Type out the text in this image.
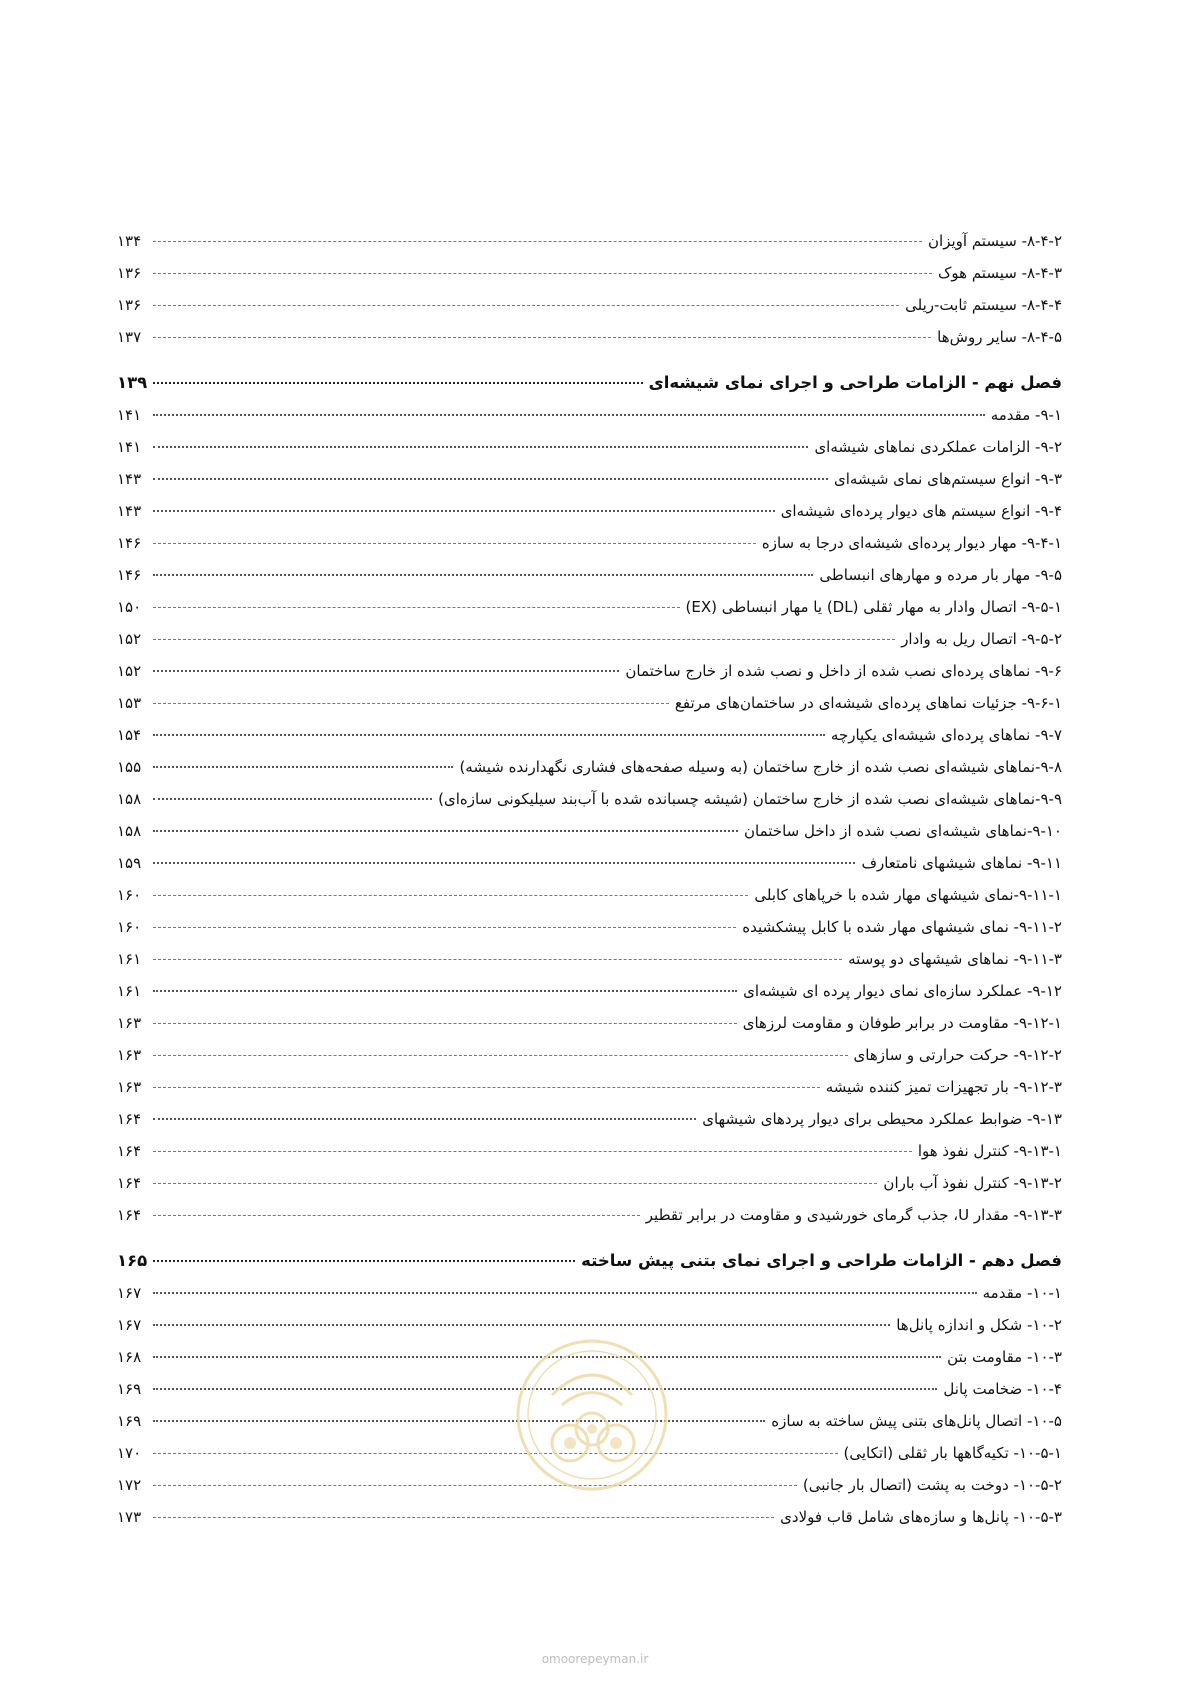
۸-۴-۲- سیستم آویزان
۱۳۴
۸-۴-۳- سیستم هوک
۱۳۶
۸-۴-۴- سیستم ثابت-ریلی
۱۳۶
۸-۴-۵- سایر روش‌ها
۱۳۷
فصل نهم - الزامات طراحی و اجرای نمای شیشه‌ای
۱۳۹
۹-۱- مقدمه
۱۴۱
۹-۲- الزامات عملکردی نماهای شیشه‌ای
۱۴۱
۹-۳- انواع سیستم‌های نمای شیشه‌ای
۱۴۳
۹-۴- انواع سیستم های دیوار پرده‌ای شیشه‌ای
۱۴۳
۹-۴-۱- مهار دیوار پرده‌ای شیشه‌ای درجا به سازه
۱۴۶
۹-۵- مهار بار مرده و مهارهای انبساطی
۱۴۶
۹-۵-۱- اتصال وادار به مهار ثقلی (DL) یا مهار انبساطی (EX)
۱۵۰
۹-۵-۲- اتصال ریل به وادار
۱۵۲
۹-۶- نماهای پرده‌ای نصب شده از داخل و نصب شده از خارج ساختمان
۱۵۲
۹-۶-۱- جزئیات نماهای پرده‌ای شیشه‌ای در ساختمان‌های مرتفع
۱۵۳
۹-۷- نماهای پرده‌ای شیشه‌ای یکپارچه
۱۵۴
۹-۸-نماهای شیشه‌ای نصب شده از خارج ساختمان (به وسیله صفحه‌های فشاری نگهدارنده شیشه)
۱۵۵
۹-۹-نماهای شیشه‌ای نصب شده از خارج ساختمان (شیشه چسبانده شده با آب‌بند سیلیکونی سازه‌ای)
۱۵۸
۹-۱۰-نماهای شیشه‌ای نصب شده از داخل ساختمان
۱۵۸
۹-۱۱- نماهای شیشهای نامتعارف
۱۵۹
۹-۱۱-۱-نمای شیشهای مهار شده با خرپاهای کابلی
۱۶۰
۹-۱۱-۲- نمای شیشهای مهار شده با کابل پیشکشیده
۱۶۰
۹-۱۱-۳- نماهای شیشهای دو پوسته
۱۶۱
۹-۱۲- عملکرد سازه‌ای نمای دیوار پرده ای شیشه‌ای
۱۶۱
۹-۱۲-۱- مقاومت در برابر طوفان و مقاومت لرزهای
۱۶۳
۹-۱۲-۲- حرکت حرارتی و سازهای
۱۶۳
۹-۱۲-۳- بار تجهیزات تمیز کننده شیشه
۱۶۳
۹-۱۳- ضوابط عملکرد محیطی برای دیوار پردهای شیشهای
۱۶۴
۹-۱۳-۱- کنترل نفوذ هوا
۱۶۴
۹-۱۳-۲- کنترل نفوذ آب باران
۱۶۴
۹-۱۳-۳- مقدار U، جذب گرمای خورشیدی و مقاومت در برابر تقطیر
۱۶۴
فصل دهم - الزامات طراحی و اجرای نمای بتنی پیش ساخته
۱۶۵
۱۰-۱- مقدمه
۱۶۷
۱۰-۲- شکل و اندازه پانل‌ها
۱۶۷
۱۰-۳- مقاومت بتن
۱۶۸
۱۰-۴- ضخامت پانل
۱۶۹
۱۰-۵- اتصال پانل‌های بتنی پیش ساخته به سازه
۱۶۹
۱۰-۵-۱- تکیه‌گاهها بار ثقلی (اتکایی)
۱۷۰
۱۰-۵-۲- دوخت به پشت (اتصال بار جانبی)
۱۷۲
۱۰-۵-۳- پانل‌ها و سازه‌های شامل قاب فولادی
۱۷۳
omoorepeyman.ir
